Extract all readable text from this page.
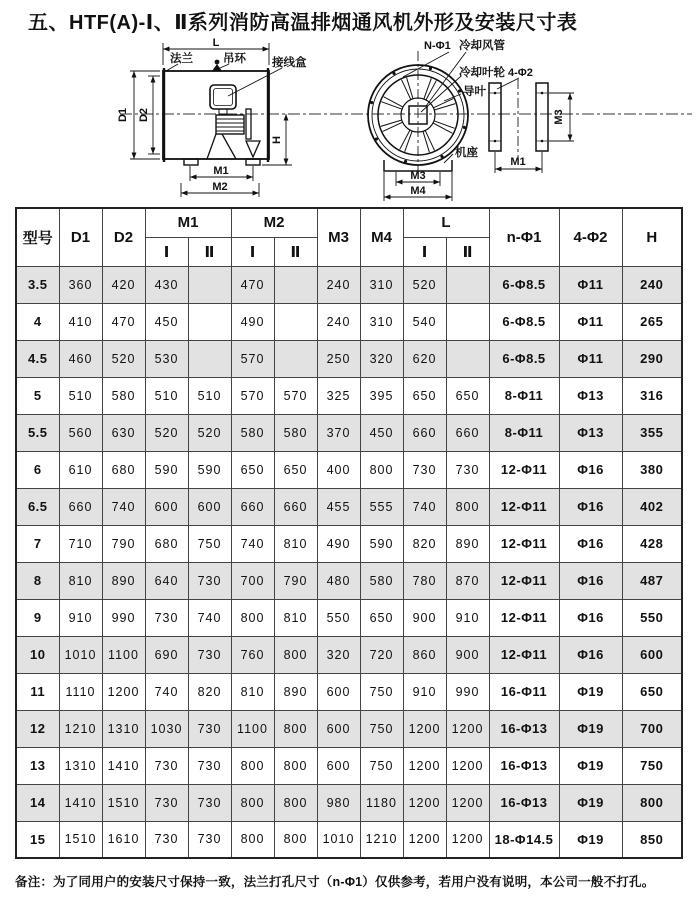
五、HTF(A)-Ⅰ、Ⅱ系列消防高温排烟通风机外形及安装尺寸表
L
法兰	吊环 接线盒
D1 D2
H
M1
M2
N-Φ1 冷却风管
冷却叶轮 4-Φ2
导叶
机座
M3
M4
M1
M3
型号	D1	D2	M1		M2		M3	M4	L		n-Φ1	4-Φ2	H
			Ⅰ	Ⅱ	Ⅰ	Ⅱ			Ⅰ	Ⅱ			
3.5	360	420	430		470		240	310	520		6-Φ8.5	Φ11	240
4	410	470	450		490		240	310	540		6-Φ8.5	Φ11	265
4.5	460	520	530		570		250	320	620		6-Φ8.5	Φ11	290
5	510	580	510	510	570	570	325	395	650	650	8-Φ11	Φ13	316
5.5	560	630	520	520	580	580	370	450	660	660	8-Φ11	Φ13	355
6	610	680	590	590	650	650	400	800	730	730	12-Φ11	Φ16	380
6.5	660	740	600	600	660	660	455	555	740	800	12-Φ11	Φ16	402
7	710	790	680	750	740	810	490	590	820	890	12-Φ11	Φ16	428
8	810	890	640	730	700	790	480	580	780	870	12-Φ11	Φ16	487
9	910	990	730	740	800	810	550	650	900	910	12-Φ11	Φ16	550
10	1010	1100	690	730	760	800	320	720	860	900	12-Φ11	Φ16	600
11	1110	1200	740	820	810	890	600	750	910	990	16-Φ11	Φ19	650
12	1210	1310	1030	730	1100	800	600	750	1200	1200	16-Φ13	Φ19	700
13	1310	1410	730	730	800	800	600	750	1200	1200	16-Φ13	Φ19	750
14	1410	1510	730	730	800	800	980	1180	1200	1200	16-Φ13	Φ19	800
15	1510	1610	730	730	800	800	1010	1210	1200	1200	18-Φ14.5	Φ19	850
备注：为了同用户的安装尺寸保持一致，法兰打孔尺寸（n-Φ1）仅供参考，若用户没有说明，本公司一般不打孔。
